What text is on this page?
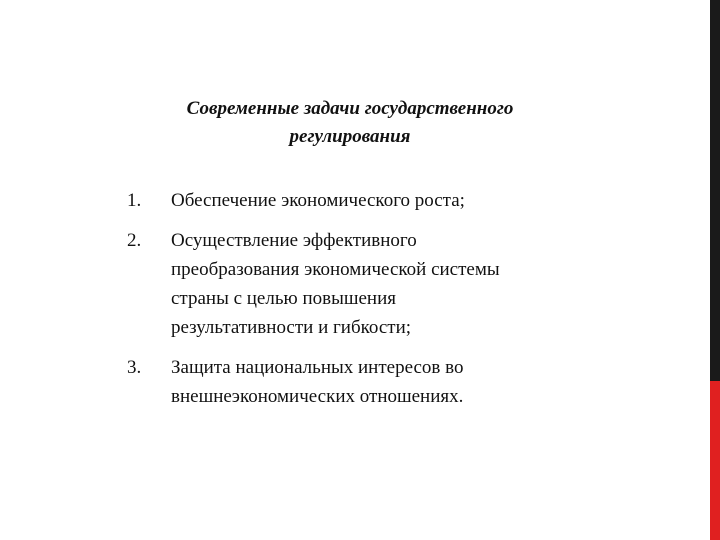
Современные задачи государственного
регулирования
1.	Обеспечение экономического роста;
2.	Осуществление эффективного
преобразования экономической системы
страны с целью повышения
результативности и гибкости;
3.	Защита национальных интересов во
внешнеэкономических отношениях.
